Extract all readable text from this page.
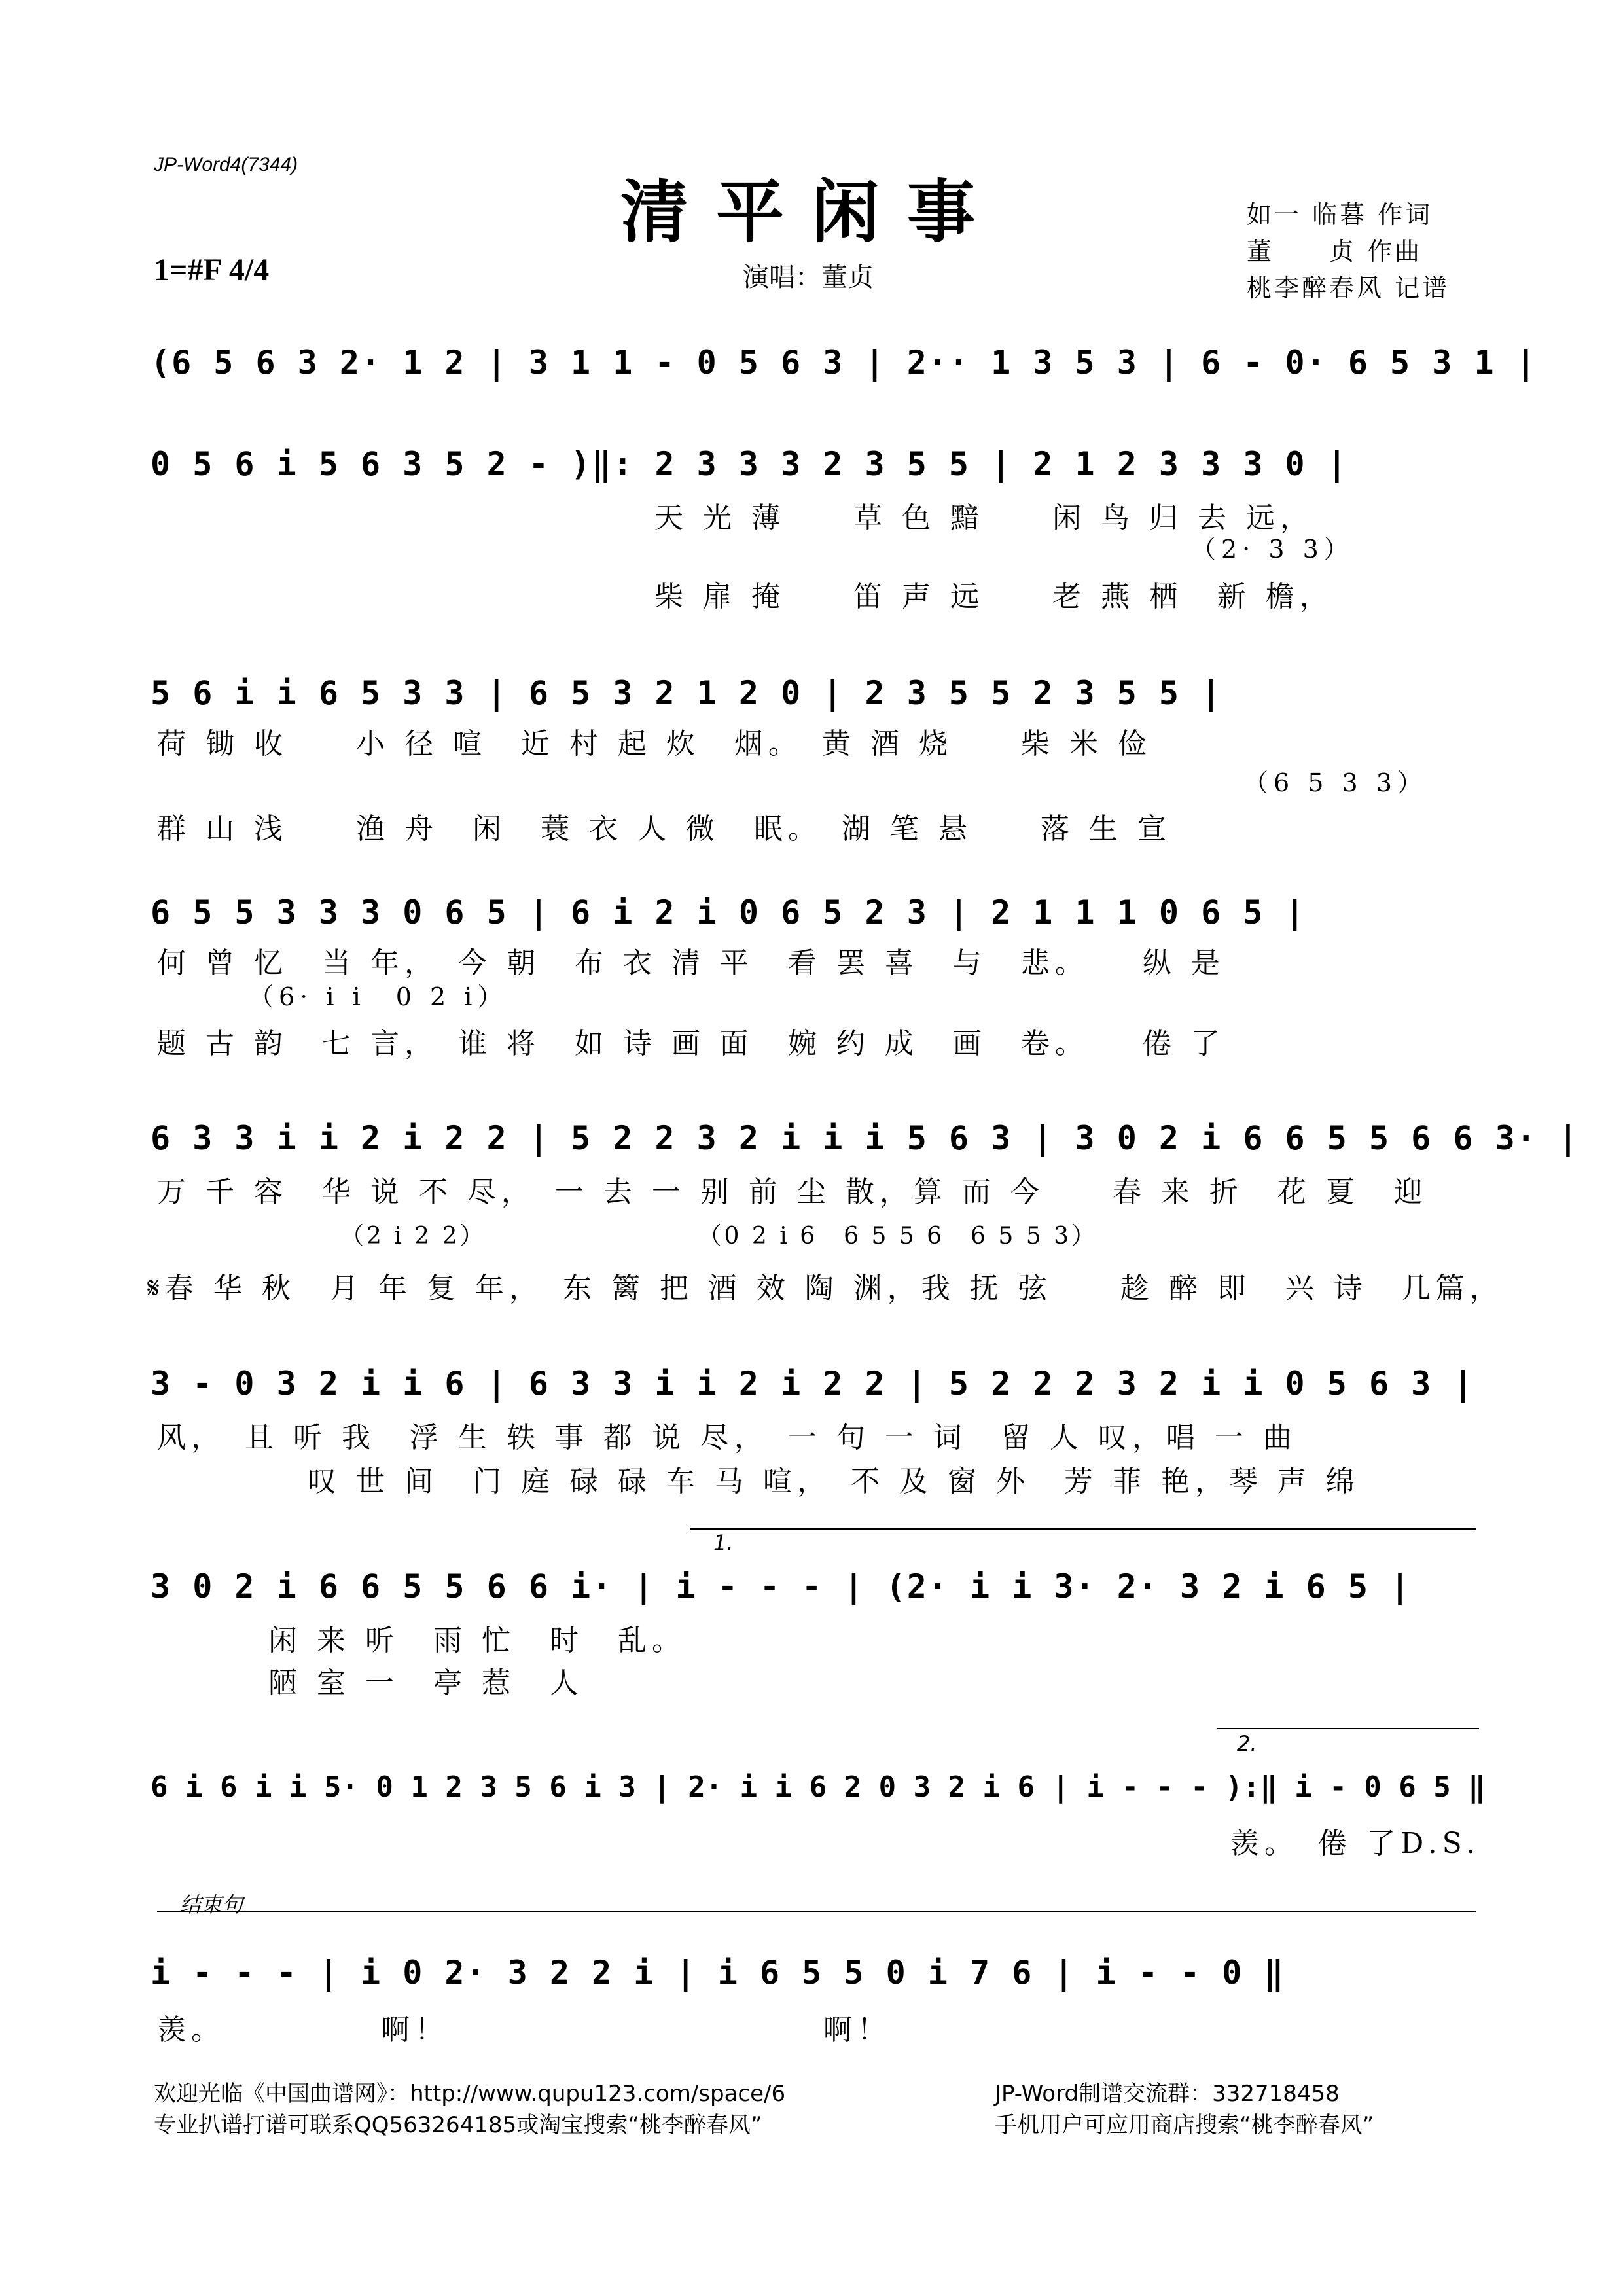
JP-Word4(7344)
清平闲事
1=#F 4/4	演唱：董贞
如一 临暮 作词
董　　贞 作曲
桃李醉春风 记谱
(6 5 6 3 2· 1 2 | 3 1 1 - 0 5 6 3 | 2·· 1 3 5 3 | 6 - 0· 6 5 3 1 |
0 5 6 i 5 6 3 5 2 - )‖: 2 3 3 3 2 3 5 5 | 2 1 2 3 3 3 0 |
天 光 薄　　草 色 黯　　闲 鸟 归 去 远，
（2· 3 3）
柴 扉 掩　　笛 声 远　　老 燕 栖　新 檐，
5 6 i i 6 5 3 3 | 6 5 3 2 1 2 0 | 2 3 5 5 2 3 5 5 |
荷 锄 收　　小 径 喧　近 村 起 炊　烟。　黄 酒 烧　　柴 米 俭
（6 5 3 3）
群 山 浅　　渔 舟　闲　蓑 衣 人 微　眠。　湖 笔 悬　　落 生 宣
6 5 5 3 3 3 0 6 5 | 6 i 2 i 0 6 5 2 3 | 2 1 1 1 0 6 5 |
何 曾 忆　当 年，　今 朝　布 衣 清 平　看 罢 喜　与　悲。　　纵 是
（6· i i　0 2 i）
题 古 韵　七 言，　谁 将　如 诗 画 面　婉 约 成　画　卷。　　倦 了
6 3 3 i i 2 i 2 2 | 5 2 2 3 2 i i i 5 6 3 | 3 0 2 i 6 6 5 5 6 6 3· |
万 千 容　华 说 不 尽，　一 去 一 别 前 尘 散，算 而 今　　春 来 折　花 夏　迎
（2 i 2 2）　　　　　　　　　（0 2 i 6　6 5 5 6　6 5 5 3）
𝄋春 华 秋　月 年 复 年，　东 篱 把 酒 效 陶 渊，我 抚 弦　　趁 醉 即　兴 诗　几篇，
3 - 0 3 2 i i 6 | 6 3 3 i i 2 i 2 2 | 5 2 2 2 3 2 i i 0 5 6 3 |
风，　且 听 我　浮 生 轶 事 都 说 尽，　一 句 一 词　留 人 叹，唱 一 曲
叹 世 间　门 庭 碌 碌 车 马 喧，　不 及 窗 外　芳 菲 艳，琴 声 绵
1.
3 0 2 i 6 6 5 5 6 6 i· | i - - - | (2· i i 3· 2· 3 2 i 6 5 |
闲 来 听　雨 忙　时　乱。
陋 室 一　亭 惹　人
2.
6 i 6 i i 5· 0 1 2 3 5 6 i 3 | 2· i i 6 2 0 3 2 i 6 | i - - - ):‖ i - 0 6 5 ‖
羡。　倦 了D.S.
结束句
i - - - | i 0 2· 3 2 2 i | i 6 5 5 0 i 7 6 | i - - 0 ‖
羡。　　　　　啊！　　　　　　　　　　　啊！
欢迎光临《中国曲谱网》：http://www.qupu123.com/space/6
专业扒谱打谱可联系QQ563264185或淘宝搜索“桃李醉春风”
JP-Word制谱交流群：332718458
手机用户可应用商店搜索“桃李醉春风”
